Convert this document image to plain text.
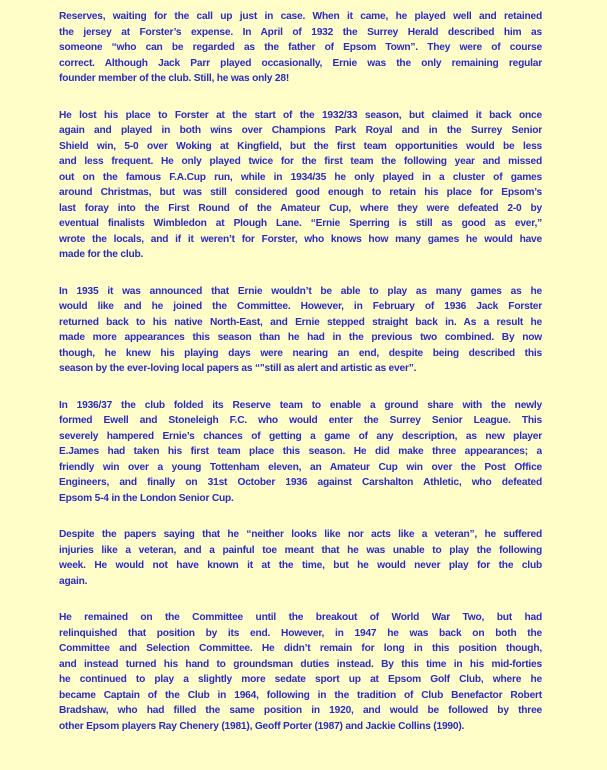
Reserves, waiting for the call up just in case. When it came, he played well and retained
the jersey at Forster’s expense. In April of 1932 the Surrey Herald described him as
someone “who can be regarded as the father of Epsom Town”. They were of course
correct. Although Jack Parr played occasionally, Ernie was the only remaining regular
founder member of the club. Still, he was only 28!
He lost his place to Forster at the start of the 1932/33 season, but claimed it back once
again and played in both wins over Champions Park Royal and in the Surrey Senior
Shield win, 5-0 over Woking at Kingfield, but the first team opportunities would be less
and less frequent. He only played twice for the first team the following year and missed
out on the famous F.A.Cup run, while in 1934/35 he only played in a cluster of games
around Christmas, but was still considered good enough to retain his place for Epsom’s
last foray into the First Round of the Amateur Cup, where they were defeated 2-0 by
eventual finalists Wimbledon at Plough Lane. “Ernie Sperring is still as good as ever,”
wrote the locals, and if it weren’t for Forster, who knows how many games he would have
made for the club.
In 1935 it was announced that Ernie wouldn’t be able to play as many games as he
would like and he joined the Committee. However, in February of 1936 Jack Forster
returned back to his native North-East, and Ernie stepped straight back in. As a result he
made more appearances this season than he had in the previous two combined. By now
though, he knew his playing days were nearing an end, despite being described this
season by the ever-loving local papers as “"still as alert and artistic as ever”.
In 1936/37 the club folded its Reserve team to enable a ground share with the newly
formed Ewell and Stoneleigh F.C. who would enter the Surrey Senior League. This
severely hampered Ernie’s chances of getting a game of any description, as new player
E.James had taken his first team place this season. He did make three appearances; a
friendly win over a young Tottenham eleven, an Amateur Cup win over the Post Office
Engineers, and finally on 31st October 1936 against Carshalton Athletic, who defeated
Epsom 5-4 in the London Senior Cup.
Despite the papers saying that he “neither looks like nor acts like a veteran”, he suffered
injuries like a veteran, and a painful toe meant that he was unable to play the following
week. He would not have known it at the time, but he would never play for the club
again.
He remained on the Committee until the breakout of World War Two, but had
relinquished that position by its end. However, in 1947 he was back on both the
Committee and Selection Committee. He didn’t remain for long in this position though,
and instead turned his hand to groundsman duties instead. By this time in his mid-forties
he continued to play a slightly more sedate sport up at Epsom Golf Club, where he
became Captain of the Club in 1964, following in the tradition of Club Benefactor Robert
Bradshaw, who had filled the same position in 1920, and would be followed by three
other Epsom players Ray Chenery (1981), Geoff Porter (1987) and Jackie Collins (1990).
